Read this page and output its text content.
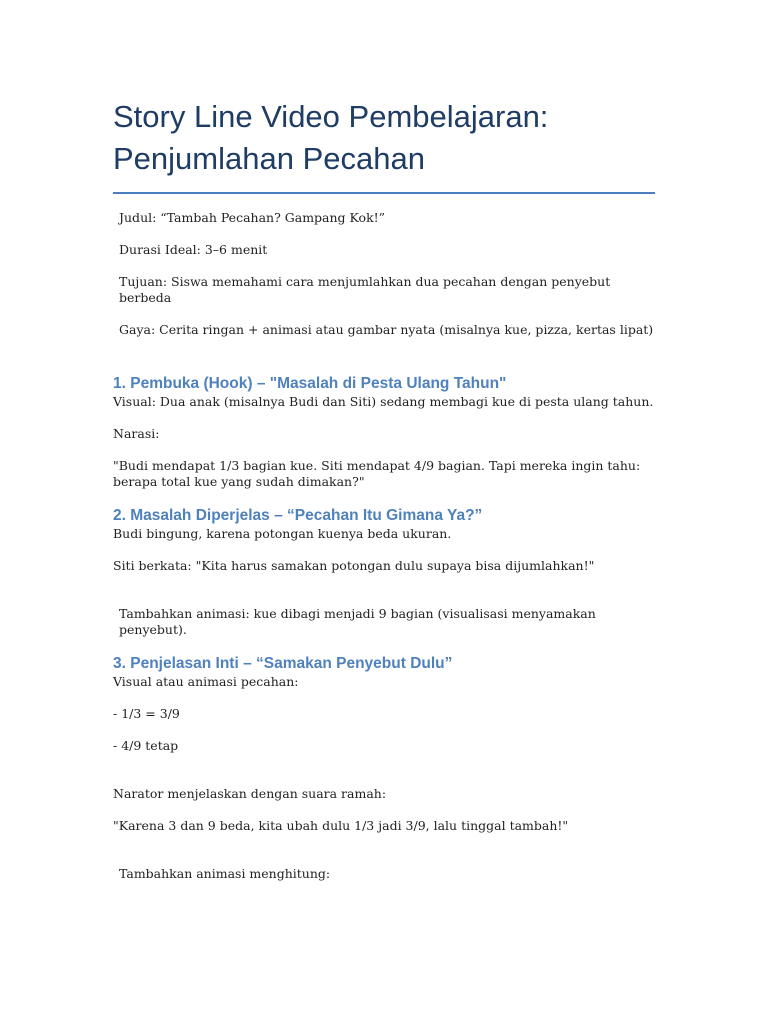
Story Line Video Pembelajaran:
Penjumlahan Pecahan

Judul: “Tambah Pecahan? Gampang Kok!”

Durasi Ideal: 3–6 menit

Tujuan: Siswa memahami cara menjumlahkan dua pecahan dengan penyebut berbeda

Gaya: Cerita ringan + animasi atau gambar nyata (misalnya kue, pizza, kertas lipat)

1. Pembuka (Hook) – "Masalah di Pesta Ulang Tahun"

Visual: Dua anak (misalnya Budi dan Siti) sedang membagi kue di pesta ulang tahun.

Narasi:

"Budi mendapat 1/3 bagian kue. Siti mendapat 4/9 bagian. Tapi mereka ingin tahu: berapa total kue yang sudah dimakan?"

2. Masalah Diperjelas – “Pecahan Itu Gimana Ya?”

Budi bingung, karena potongan kuenya beda ukuran.

Siti berkata: "Kita harus samakan potongan dulu supaya bisa dijumlahkan!"

Tambahkan animasi: kue dibagi menjadi 9 bagian (visualisasi menyamakan penyebut).

3. Penjelasan Inti – “Samakan Penyebut Dulu”

Visual atau animasi pecahan:

- 1/3 = 3/9

- 4/9 tetap

Narator menjelaskan dengan suara ramah:

"Karena 3 dan 9 beda, kita ubah dulu 1/3 jadi 3/9, lalu tinggal tambah!"

Tambahkan animasi menghitung:
